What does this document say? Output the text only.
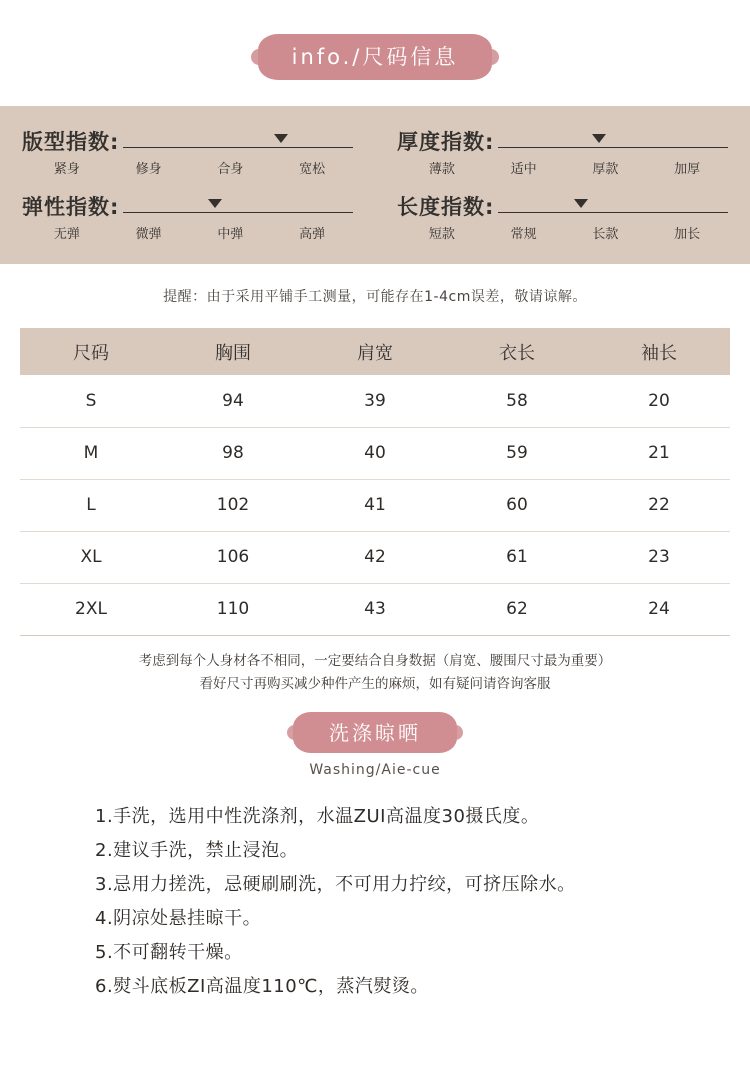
info./尺码信息
版型指数:
紧身	修身	合身	宽松
弹性指数:
无弹	微弹	中弹	高弹
厚度指数:
薄款	适中	厚款	加厚
长度指数:
短款	常规	长款	加长
提醒：由于采用平铺手工测量，可能存在1-4cm误差，敬请谅解。
尺码	胸围	肩宽	衣长	袖长
S	94	39	58	20
M	98	40	59	21
L	102	41	60	22
XL	106	42	61	23
2XL	110	43	62	24
考虑到每个人身材各不相同，一定要结合自身数据（肩宽、腰围尺寸最为重要）
看好尺寸再购买减少种件产生的麻烦，如有疑问请咨询客服
洗涤晾晒
Washing/Aie-cue
1.手洗，选用中性洗涤剂，水温ZUI高温度30摄氏度。
2.建议手洗，禁止浸泡。
3.忌用力搓洗，忌硬刷刷洗，不可用力拧绞，可挤压除水。
4.阴凉处悬挂晾干。
5.不可翻转干燥。
6.熨斗底板ZI高温度110℃，蒸汽熨烫。
